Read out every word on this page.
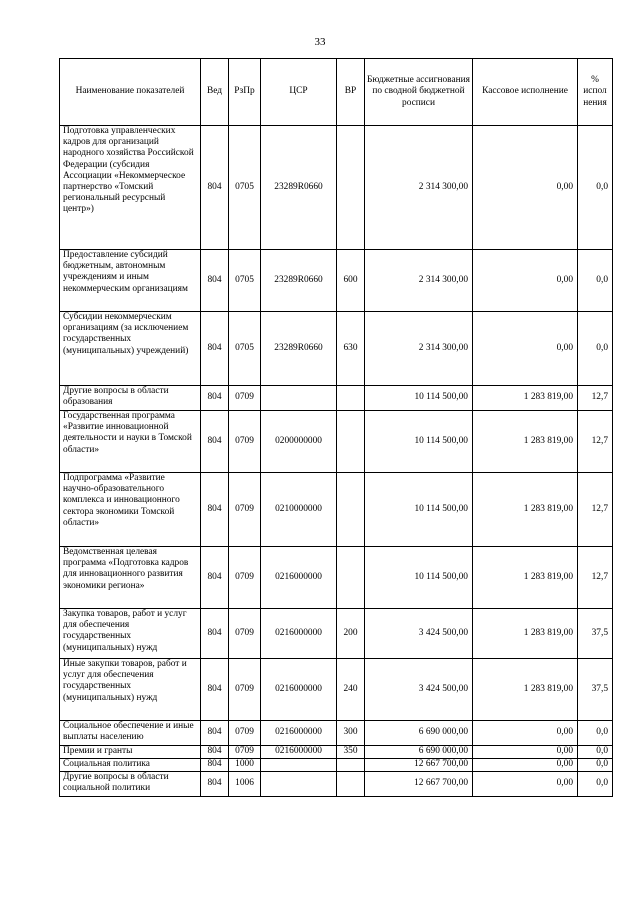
33
Наименование показателей	Вед	РзПр	ЦСР	ВР	Бюджетные ассигнования по сводной бюджетной росписи	Кассовое исполнение	% испол нения
Подготовка управленческих кадров для организаций народного хозяйства Российской Федерации (субсидия Ассоциации «Некоммерческое партнерство «Томский региональный ресурсный центр»)	804	0705	23289R0660		2 314 300,00	0,00	0,0
Предоставление субсидий бюджетным, автономным учреждениям и иным некоммерческим организациям	804	0705	23289R0660	600	2 314 300,00	0,00	0,0
Субсидии некоммерческим организациям (за исключением государственных (муниципальных) учреждений)	804	0705	23289R0660	630	2 314 300,00	0,00	0,0
Другие вопросы в области образования	804	0709			10 114 500,00	1 283 819,00	12,7
Государственная программа «Развитие инновационной деятельности и науки в Томской области»	804	0709	0200000000		10 114 500,00	1 283 819,00	12,7
Подпрограмма «Развитие научно-образовательного комплекса и инновационного сектора экономики Томской области»	804	0709	0210000000		10 114 500,00	1 283 819,00	12,7
Ведомственная целевая программа «Подготовка кадров для инновационного развития экономики региона»	804	0709	0216000000		10 114 500,00	1 283 819,00	12,7
Закупка товаров, работ и услуг для обеспечения государственных (муниципальных) нужд	804	0709	0216000000	200	3 424 500,00	1 283 819,00	37,5
Иные закупки товаров, работ и услуг для обеспечения государственных (муниципальных) нужд	804	0709	0216000000	240	3 424 500,00	1 283 819,00	37,5
Социальное обеспечение и иные выплаты населению	804	0709	0216000000	300	6 690 000,00	0,00	0,0
Премии и гранты	804	0709	0216000000	350	6 690 000,00	0,00	0,0
Социальная политика	804	1000			12 667 700,00	0,00	0,0
Другие вопросы в области социальной политики	804	1006			12 667 700,00	0,00	0,0
